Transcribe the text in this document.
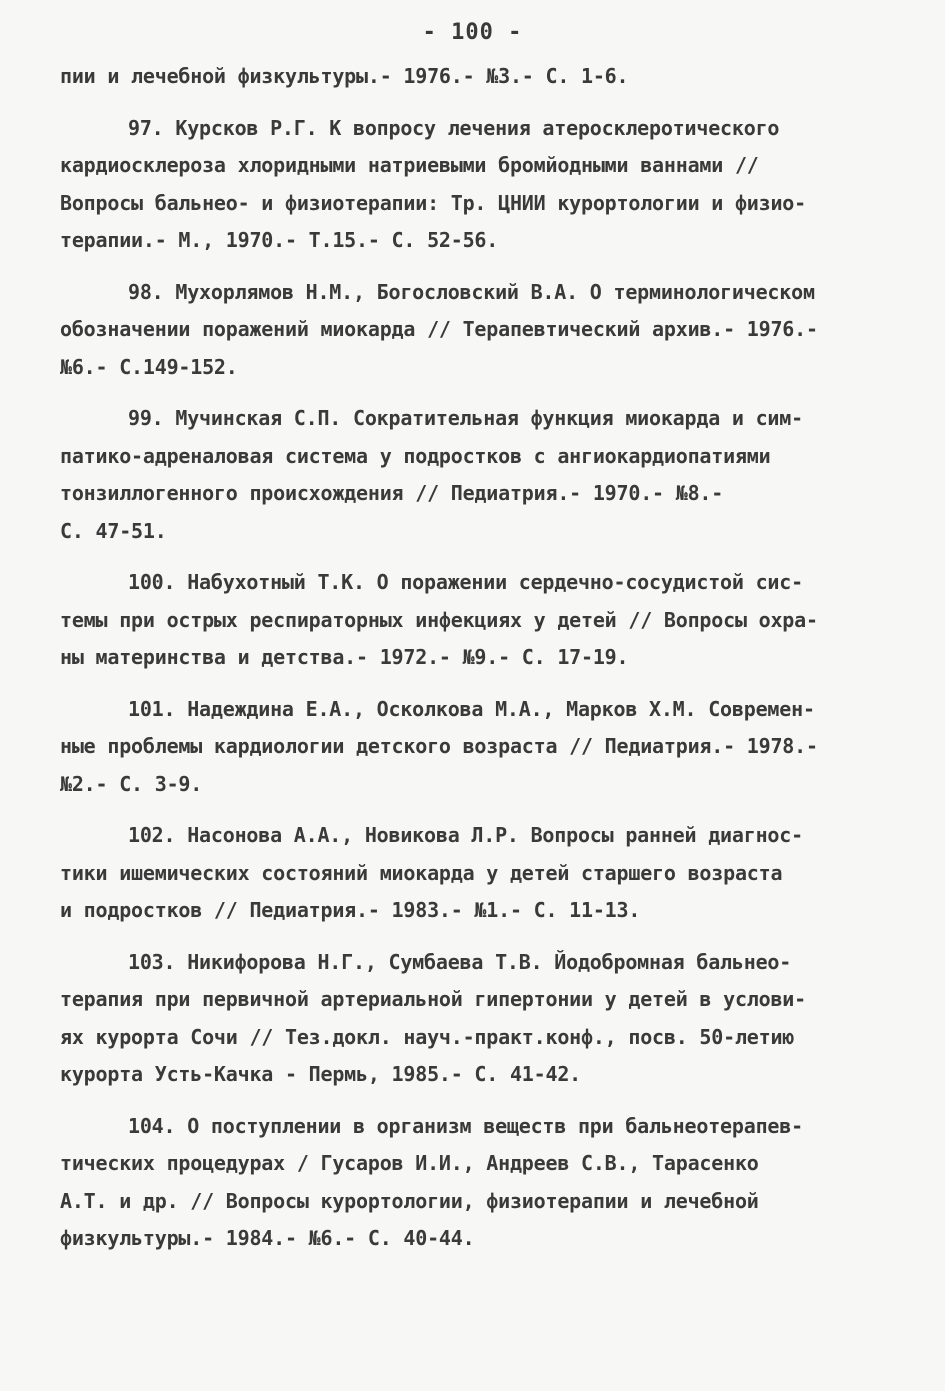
- 100 -
пии и лечебной физкультуры.- 1976.- №3.- С. 1-6.
97. Курсков Р.Г. К вопросу лечения атеросклеротического
кардиосклероза хлоридными натриевыми бромйодными ваннами //
Вопросы бальнео- и физиотерапии: Тр. ЦНИИ курортологии и физио-
терапии.- М., 1970.- Т.15.- С. 52-56.
98. Мухорлямов Н.М., Богословский В.А. О терминологическом
обозначении поражений миокарда // Терапевтический архив.- 1976.-
№6.- С.149-152.
99. Мучинская С.П. Сократительная функция миокарда и сим-
патико-адреналовая система у подростков с ангиокардиопатиями
тонзиллогенного происхождения // Педиатрия.- 1970.- №8.-
С. 47-51.
100. Набухотный Т.К. О поражении сердечно-сосудистой сис-
темы при острых респираторных инфекциях у детей // Вопросы охра-
ны материнства и детства.- 1972.- №9.- С. 17-19.
101. Надеждина Е.А., Осколкова М.А., Марков Х.М. Современ-
ные проблемы кардиологии детского возраста // Педиатрия.- 1978.-
№2.- С. 3-9.
102. Насонова А.А., Новикова Л.Р. Вопросы ранней диагнос-
тики ишемических состояний миокарда у детей старшего возраста
и подростков // Педиатрия.- 1983.- №1.- С. 11-13.
103. Никифорова Н.Г., Сумбаева Т.В. Йодобромная бальнео-
терапия при первичной артериальной гипертонии у детей в услови-
ях курорта Сочи // Тез.докл. науч.-практ.конф., посв. 50-летию
курорта Усть-Качка - Пермь, 1985.- С. 41-42.
104. О поступлении в организм веществ при бальнеотерапев-
тических процедурах / Гусаров И.И., Андреев С.В., Тарасенко
А.Т. и др. // Вопросы курортологии, физиотерапии и лечебной
физкультуры.- 1984.- №6.- С. 40-44.
